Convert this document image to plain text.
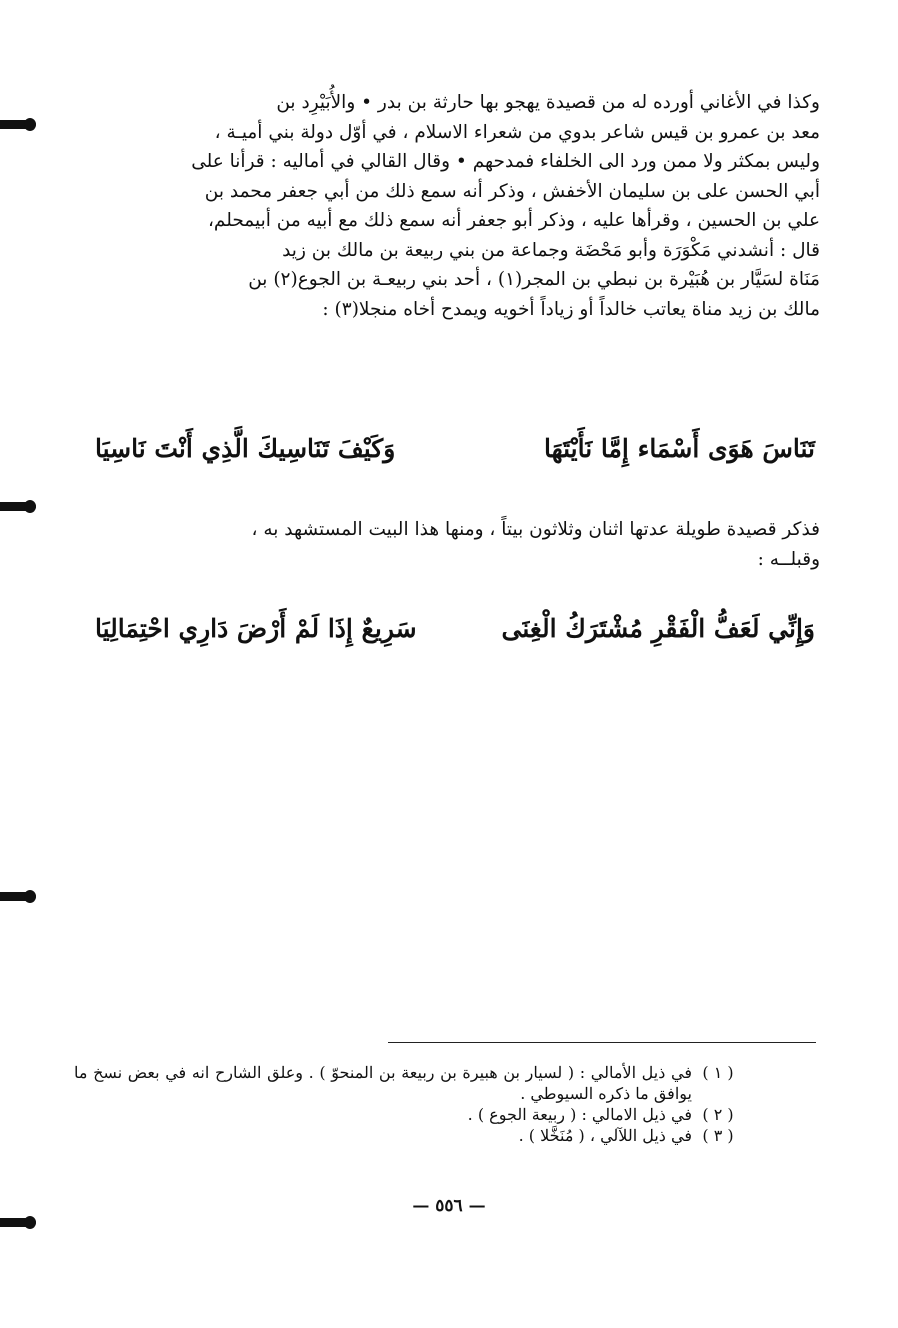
وكذا في الأغاني أورده له من قصيدة يهجو بها حارثة بن بدر • والأُبَيْرِد بن

معد بن عمرو بن قيس شاعر بدوي من شعراء الاسلام ، في أوّل دولة بني أميـة ،

وليس بمكثر ولا ممن ورد الى الخلفاء فمدحهم • وقال القالي في أماليه : قرأنا على

أبي الحسن على بن سليمان الأخفش ، وذكر أنه سمع ذلك من أبي جعفر محمد بن

علي بن الحسين ، وقرأها عليه ، وذكر أبو جعفر أنه سمع ذلك مع أبيه من أبيمحلم،

قال : أنشدني مَكْوَرَة وأبو مَحْضَة وجماعة من بني ربيعة بن مالك بن زيد

مَنَاة لسَيَّار بن هُبَيْرة بن نبطي بن المجر(١) ، أحد بني ربيعـة بن الجوع(٢) بن

مالك بن زيد مناة يعاتب خالداً أو زياداً أخويه ويمدح أخاه منجلا(٣) :

تَنَاسَ هَوَى أَسْمَاء إِمَّا نَأَيْتَهَا
وَكَيْفَ تَنَاسِيكَ الَّذِي أَنْتَ نَاسِيَا

فذكر قصيدة طويلة عدتها اثنان وثلاثون بيتاً ، ومنها هذا البيت المستشهد به ،

وقبلــه :

وَإِنِّي لَعَفُّ الْفَقْرِ مُشْتَرَكُ الْغِنَى
سَرِيعٌ إِذَا لَمْ أَرْضَ دَارِي احْتِمَالِيَا
( ١ )
في ذيل الأمالي : ( لسيار بن هبيرة بن ربيعة بن المنحوّ ) . وعلق الشارح انه في بعض نسخ ما يوافق ما ذكره السيوطي .
( ٢ )
في ذيل الامالي : ( ربيعة الجوع ) .
( ٣ )
في ذيل اللآلي ، ( مُنَخَّلا ) .
— ٥٥٦ —
